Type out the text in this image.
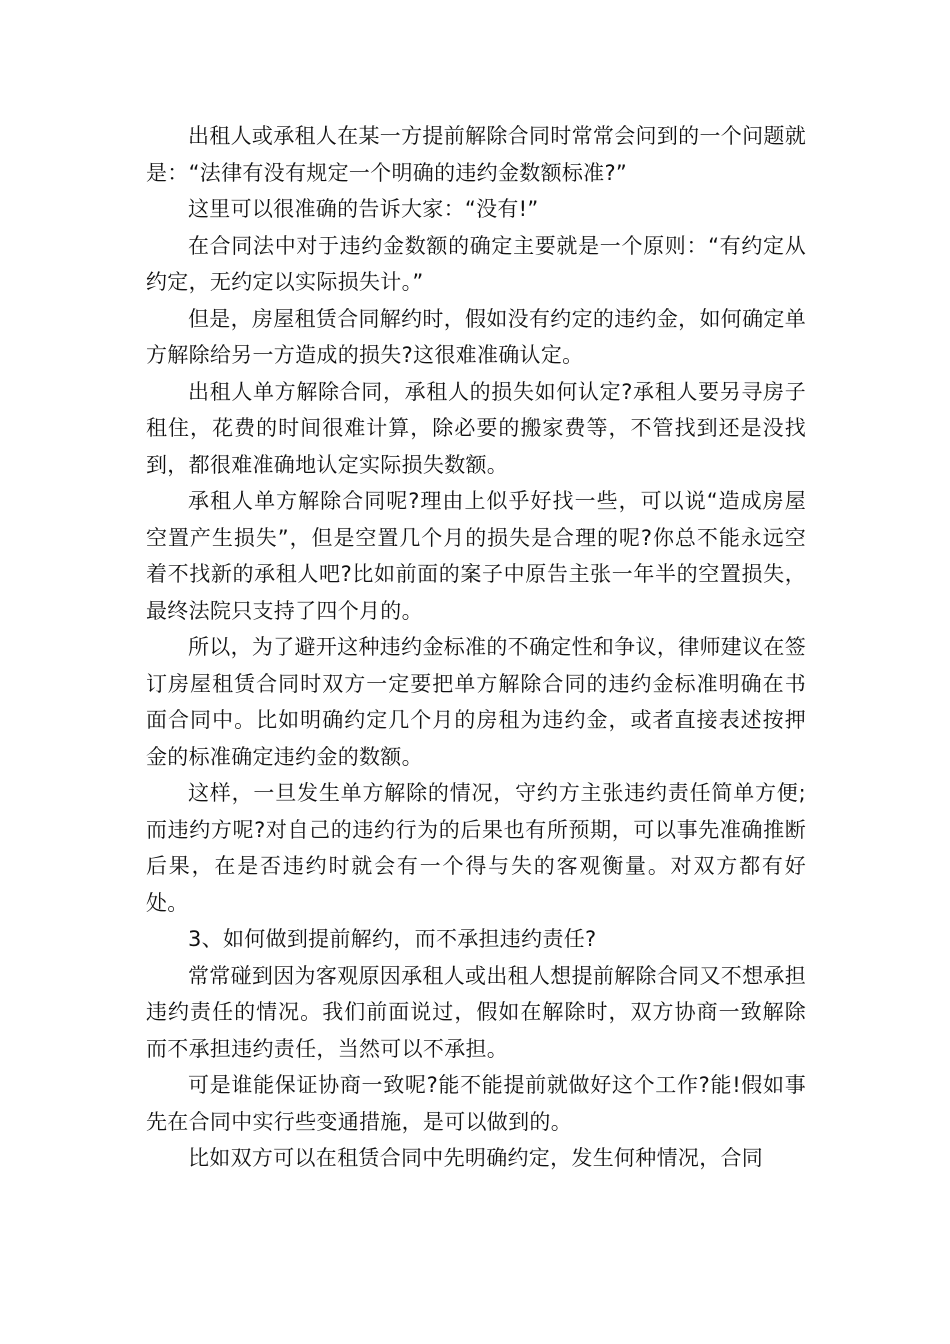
出租人或承租人在某一方提前解除合同时常常会问到的一个问题就是：“法律有没有规定一个明确的违约金数额标准?”

这里可以很准确的告诉大家：“没有!”

在合同法中对于违约金数额的确定主要就是一个原则：“有约定从约定，无约定以实际损失计。”

但是，房屋租赁合同解约时，假如没有约定的违约金，如何确定单方解除给另一方造成的损失?这很难准确认定。

出租人单方解除合同，承租人的损失如何认定?承租人要另寻房子租住，花费的时间很难计算，除必要的搬家费等，不管找到还是没找到，都很难准确地认定实际损失数额。

承租人单方解除合同呢?理由上似乎好找一些，可以说“造成房屋空置产生损失”，但是空置几个月的损失是合理的呢?你总不能永远空着不找新的承租人吧?比如前面的案子中原告主张一年半的空置损失，最终法院只支持了四个月的。

所以，为了避开这种违约金标准的不确定性和争议，律师建议在签订房屋租赁合同时双方一定要把单方解除合同的违约金标准明确在书面合同中。比如明确约定几个月的房租为违约金，或者直接表述按押金的标准确定违约金的数额。

这样，一旦发生单方解除的情况，守约方主张违约责任简单方便;而违约方呢?对自己的违约行为的后果也有所预期，可以事先准确推断后果，在是否违约时就会有一个得与失的客观衡量。对双方都有好处。

3、如何做到提前解约，而不承担违约责任?

常常碰到因为客观原因承租人或出租人想提前解除合同又不想承担违约责任的情况。我们前面说过，假如在解除时，双方协商一致解除而不承担违约责任，当然可以不承担。

可是谁能保证协商一致呢?能不能提前就做好这个工作?能!假如事先在合同中实行些变通措施，是可以做到的。

比如双方可以在租赁合同中先明确约定，发生何种情况，合同
